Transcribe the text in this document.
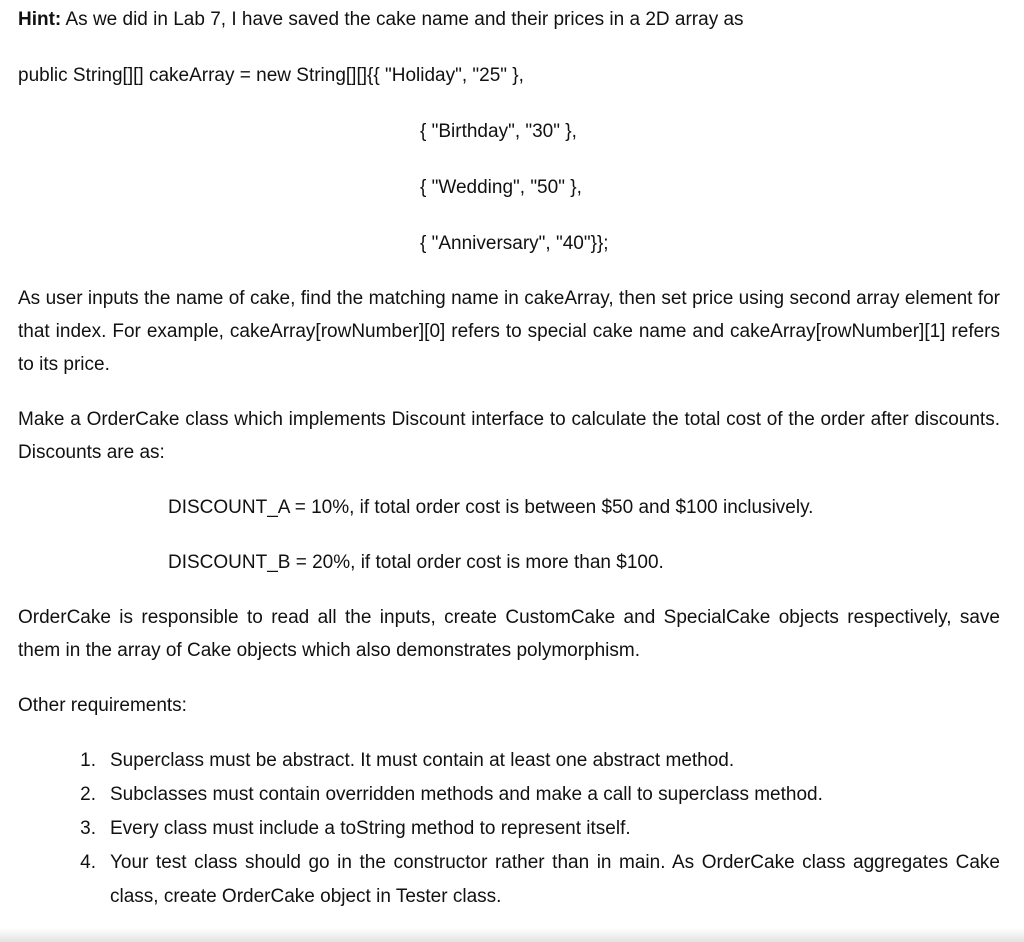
Hint: As we did in Lab 7, I have saved the cake name and their prices in a 2D array as

public String[][] cakeArray = new String[][]{{ "Holiday", "25" },

{ "Birthday", "30" },

{ "Wedding", "50" },

{ "Anniversary", "40"}};

As user inputs the name of cake, find the matching name in cakeArray, then set price using second array element for that index. For example, cakeArray[rowNumber][0] refers to special cake name and cakeArray[rowNumber][1] refers to its price.

Make a OrderCake class which implements Discount interface to calculate the total cost of the order after discounts. Discounts are as:

DISCOUNT_A = 10%, if total order cost is between $50 and $100 inclusively.

DISCOUNT_B = 20%, if total order cost is more than $100.

OrderCake is responsible to read all the inputs, create CustomCake and SpecialCake objects respectively, save them in the array of Cake objects which also demonstrates polymorphism.

Other requirements:

1. Superclass must be abstract. It must contain at least one abstract method.
2. Subclasses must contain overridden methods and make a call to superclass method.
3. Every class must include a toString method to represent itself.
4. Your test class should go in the constructor rather than in main. As OrderCake class aggregates Cake class, create OrderCake object in Tester class.
